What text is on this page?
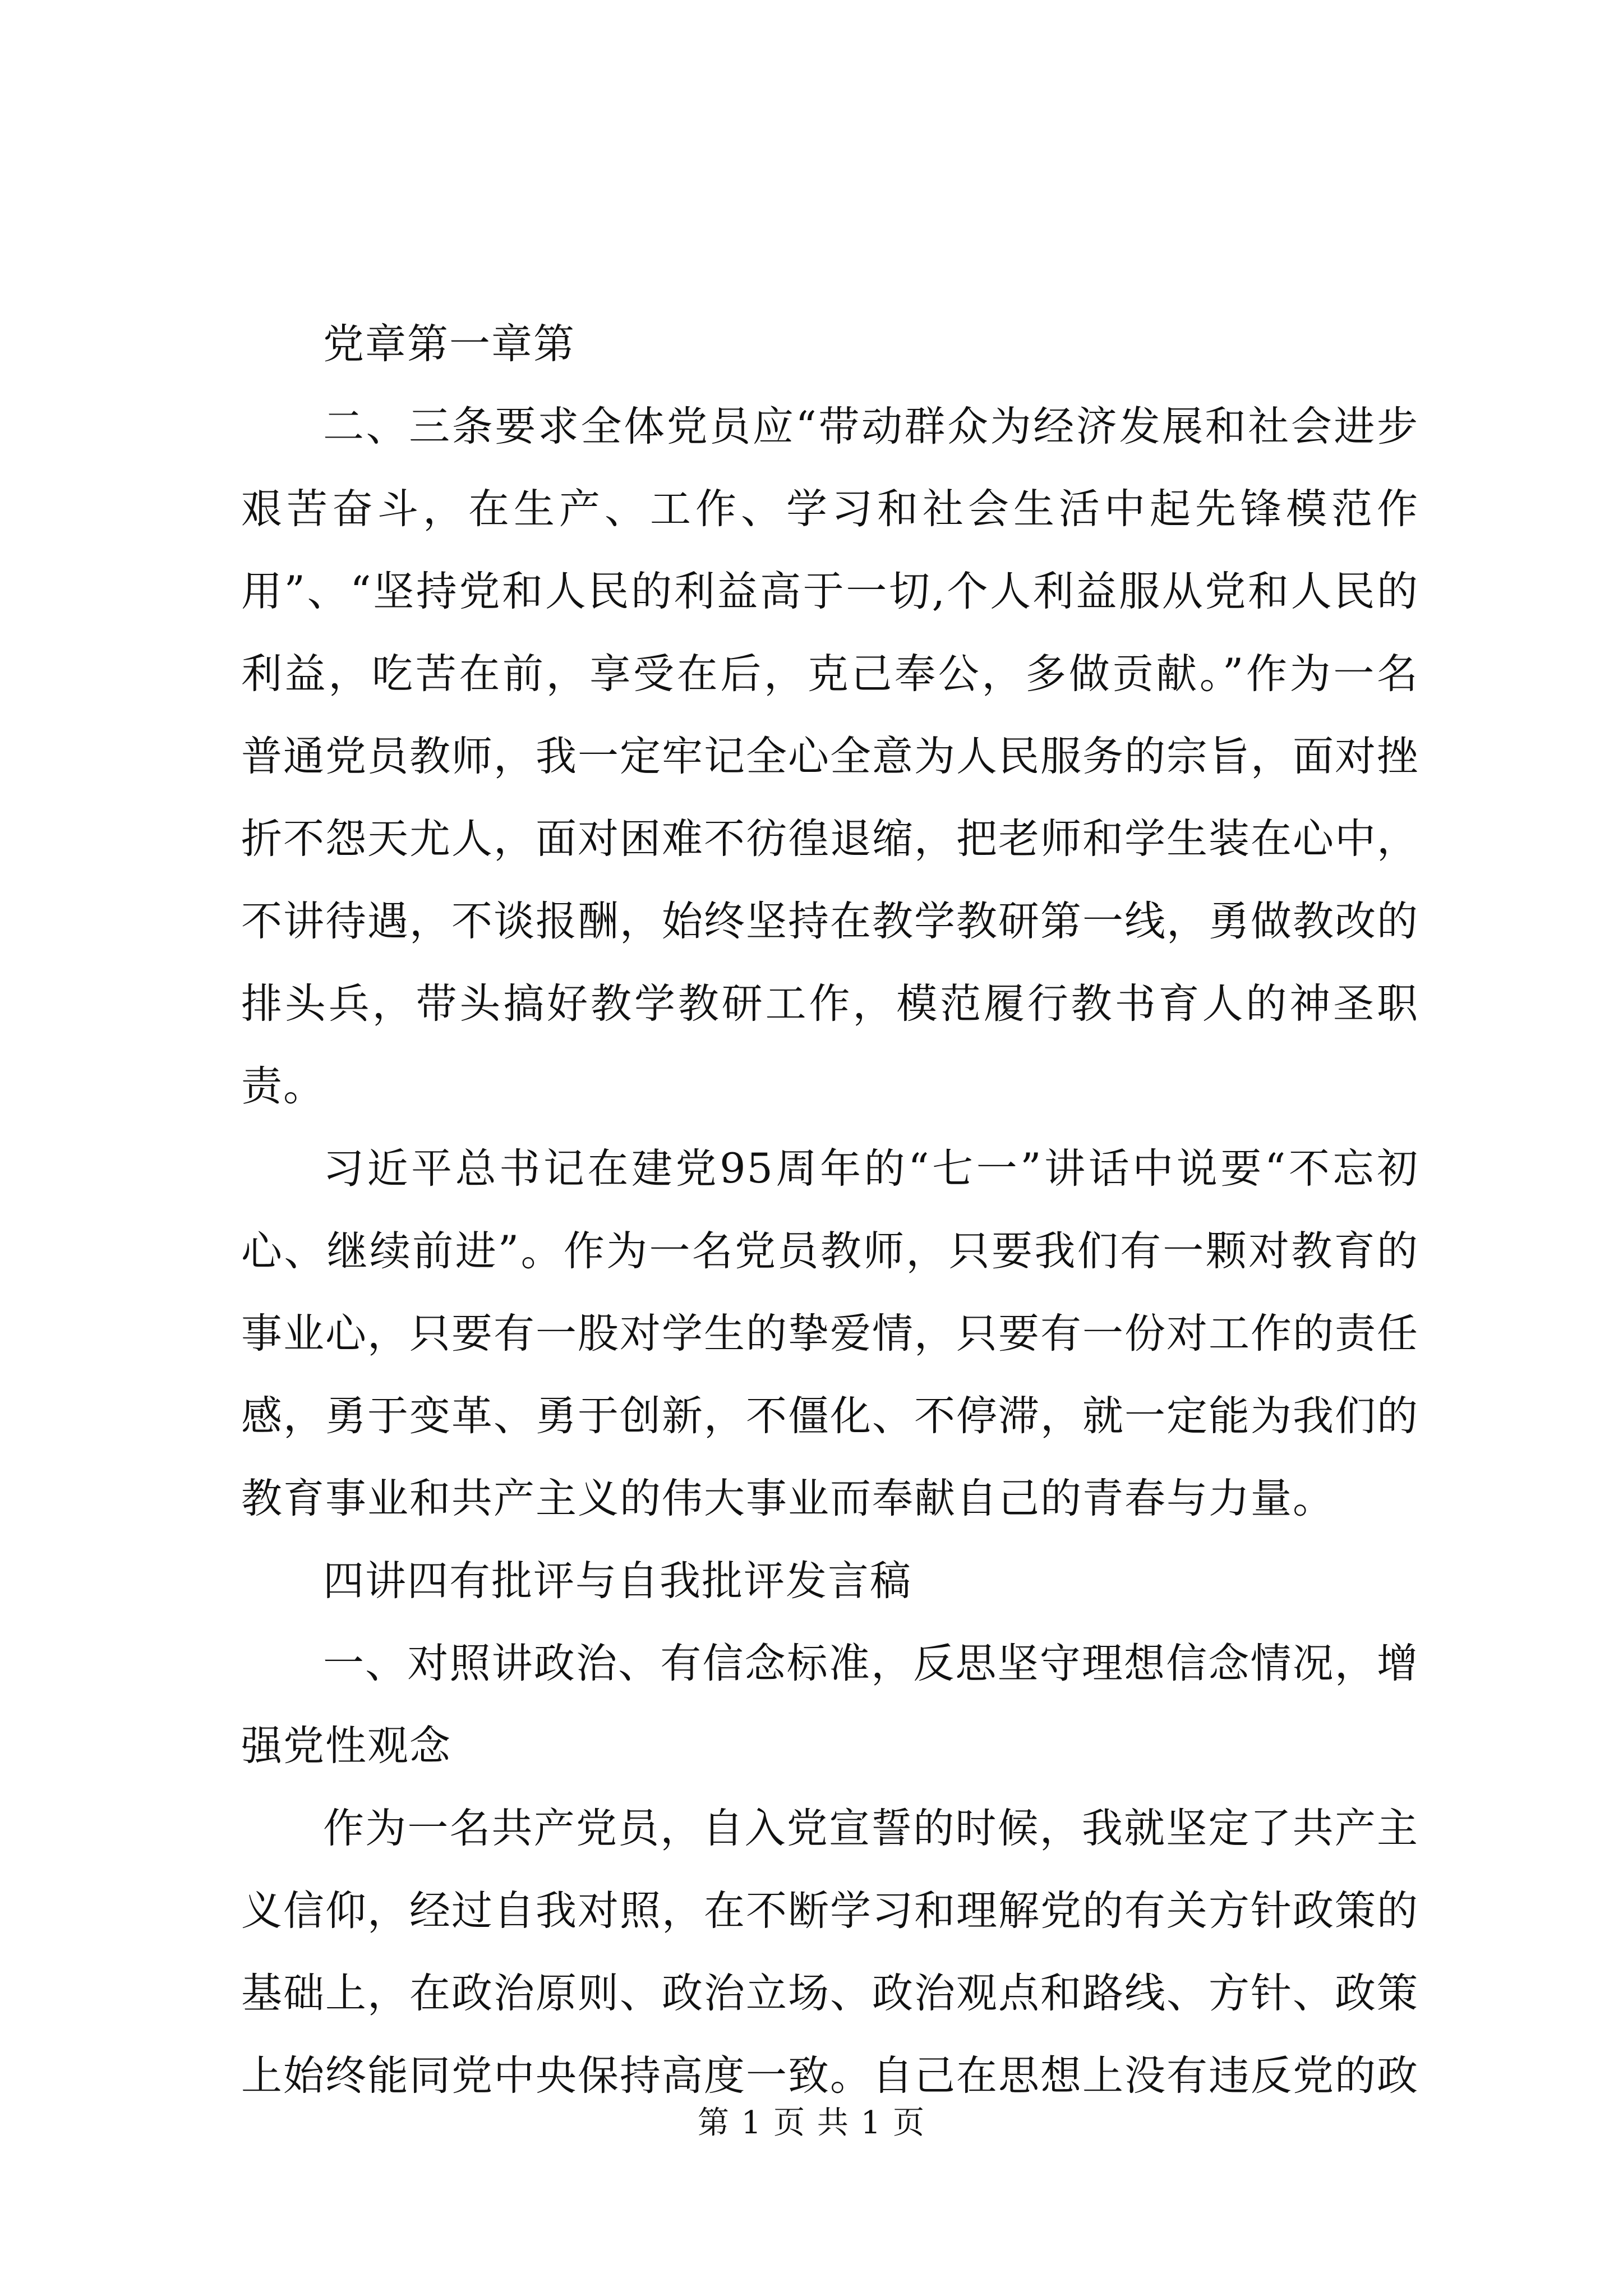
党章第一章第

二、三条要求全体党员应“带动群众为经济发展和社会进步艰苦奋斗，在生产、工作、学习和社会生活中起先锋模范作用”、“坚持党和人民的利益高于一切,个人利益服从党和人民的利益，吃苦在前，享受在后，克己奉公，多做贡献。”作为一名普通党员教师，我一定牢记全心全意为人民服务的宗旨，面对挫折不怨天尤人，面对困难不彷徨退缩，把老师和学生装在心中，不讲待遇，不谈报酬，始终坚持在教学教研第一线，勇做教改的排头兵，带头搞好教学教研工作，模范履行教书育人的神圣职责。

习近平总书记在建党95周年的“七一”讲话中说要“不忘初心、继续前进”。作为一名党员教师，只要我们有一颗对教育的事业心，只要有一股对学生的挚爱情，只要有一份对工作的责任感，勇于变革、勇于创新，不僵化、不停滞，就一定能为我们的教育事业和共产主义的伟大事业而奉献自己的青春与力量。

四讲四有批评与自我批评发言稿

一、对照讲政治、有信念标准，反思坚守理想信念情况，增强党性观念

作为一名共产党员，自入党宣誓的时候，我就坚定了共产主义信仰，经过自我对照，在不断学习和理解党的有关方针政策的基础上，在政治原则、政治立场、政治观点和路线、方针、政策上始终能同党中央保持高度一致。自己在思想上没有违反党的政

第 1 页 共 1 页
